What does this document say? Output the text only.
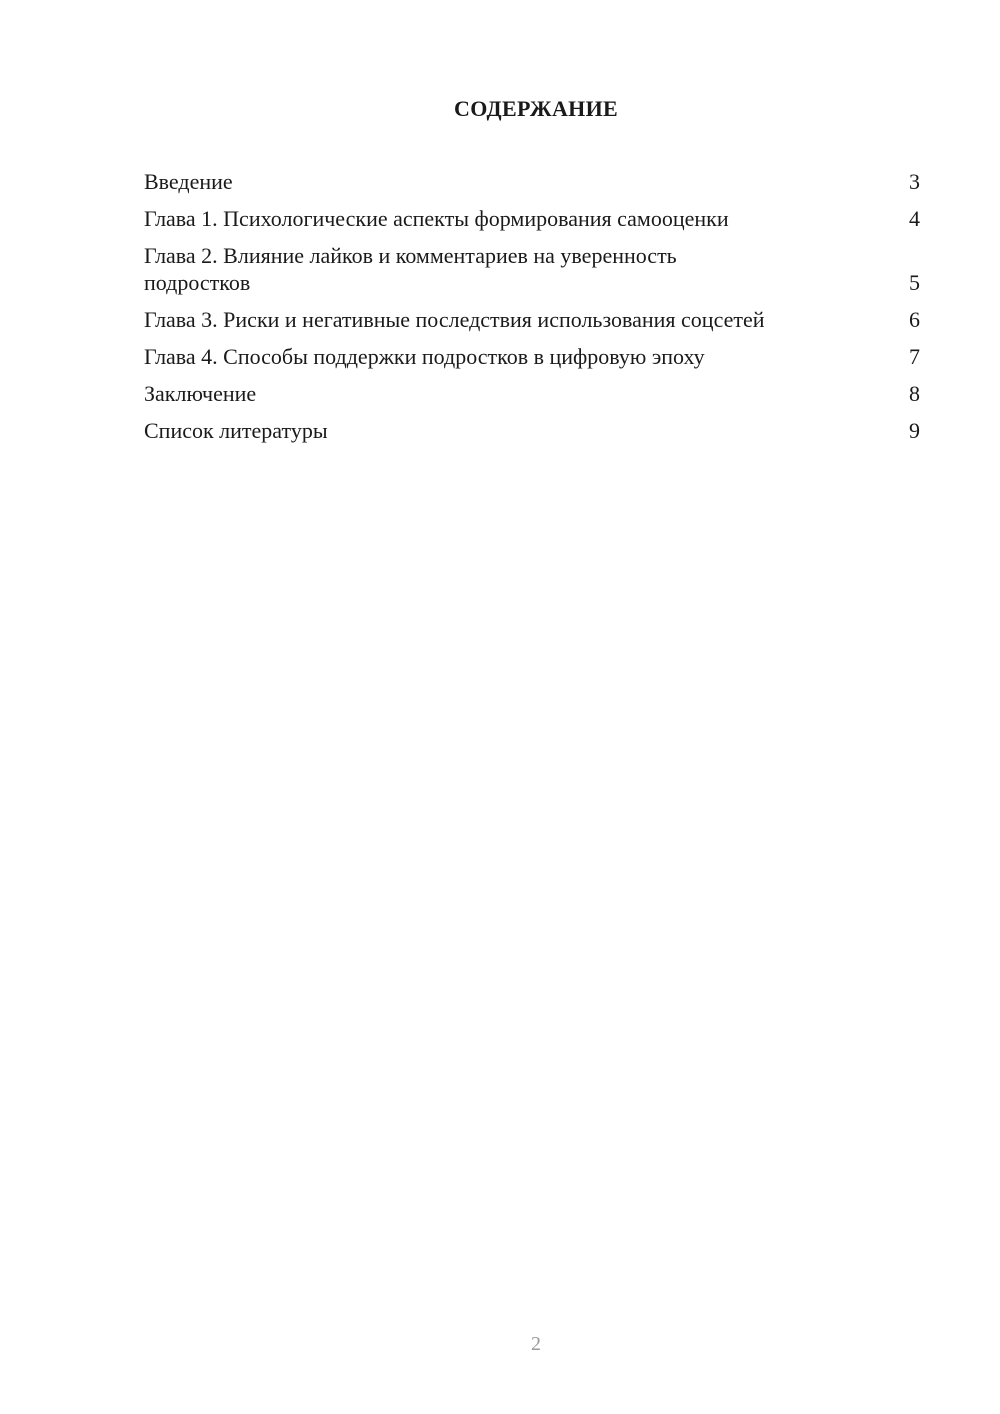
СОДЕРЖАНИЕ
Введение	3
Глава 1. Психологические аспекты формирования самооценки	4
Глава 2. Влияние лайков и комментариев на уверенность подростков	5
Глава 3. Риски и негативные последствия использования соцсетей	6
Глава 4. Способы поддержки подростков в цифровую эпоху	7
Заключение	8
Список литературы	9
2
